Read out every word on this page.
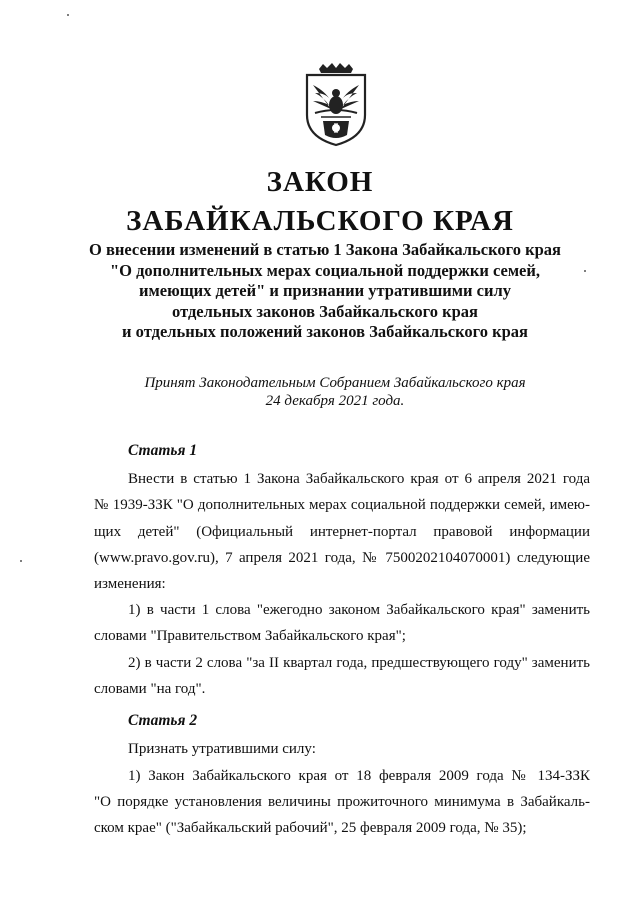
ЗАКОН
ЗАБАЙКАЛЬСКОГО КРАЯ
О внесении изменений в статью 1 Закона Забайкальского края
"О дополнительных мерах социальной поддержки семей,
имеющих детей" и признании утратившими силу
отдельных законов Забайкальского края
и отдельных положений законов Забайкальского края
Принят Законодательным Собранием Забайкальского края
24 декабря 2021 года.
Статья 1
Внести в статью 1 Закона Забайкальского края от 6 апреля 2021 года
№ 1939-ЗЗК "О дополнительных мерах социальной поддержки семей, имею-
щих детей" (Официальный интернет-портал правовой информации
(www.pravo.gov.ru), 7 апреля 2021 года, № 7500202104070001) следующие
изменения:
1) в части 1 слова "ежегодно законом Забайкальского края" заменить
словами "Правительством Забайкальского края";
2) в части 2 слова "за II квартал года, предшествующего году" заменить
словами "на год".
Статья 2
Признать утратившими силу:
1) Закон Забайкальского края от 18 февраля 2009 года № 134-ЗЗК
"О порядке установления величины прожиточного минимума в Забайкаль-
ском крае" ("Забайкальский рабочий", 25 февраля 2009 года, № 35);
